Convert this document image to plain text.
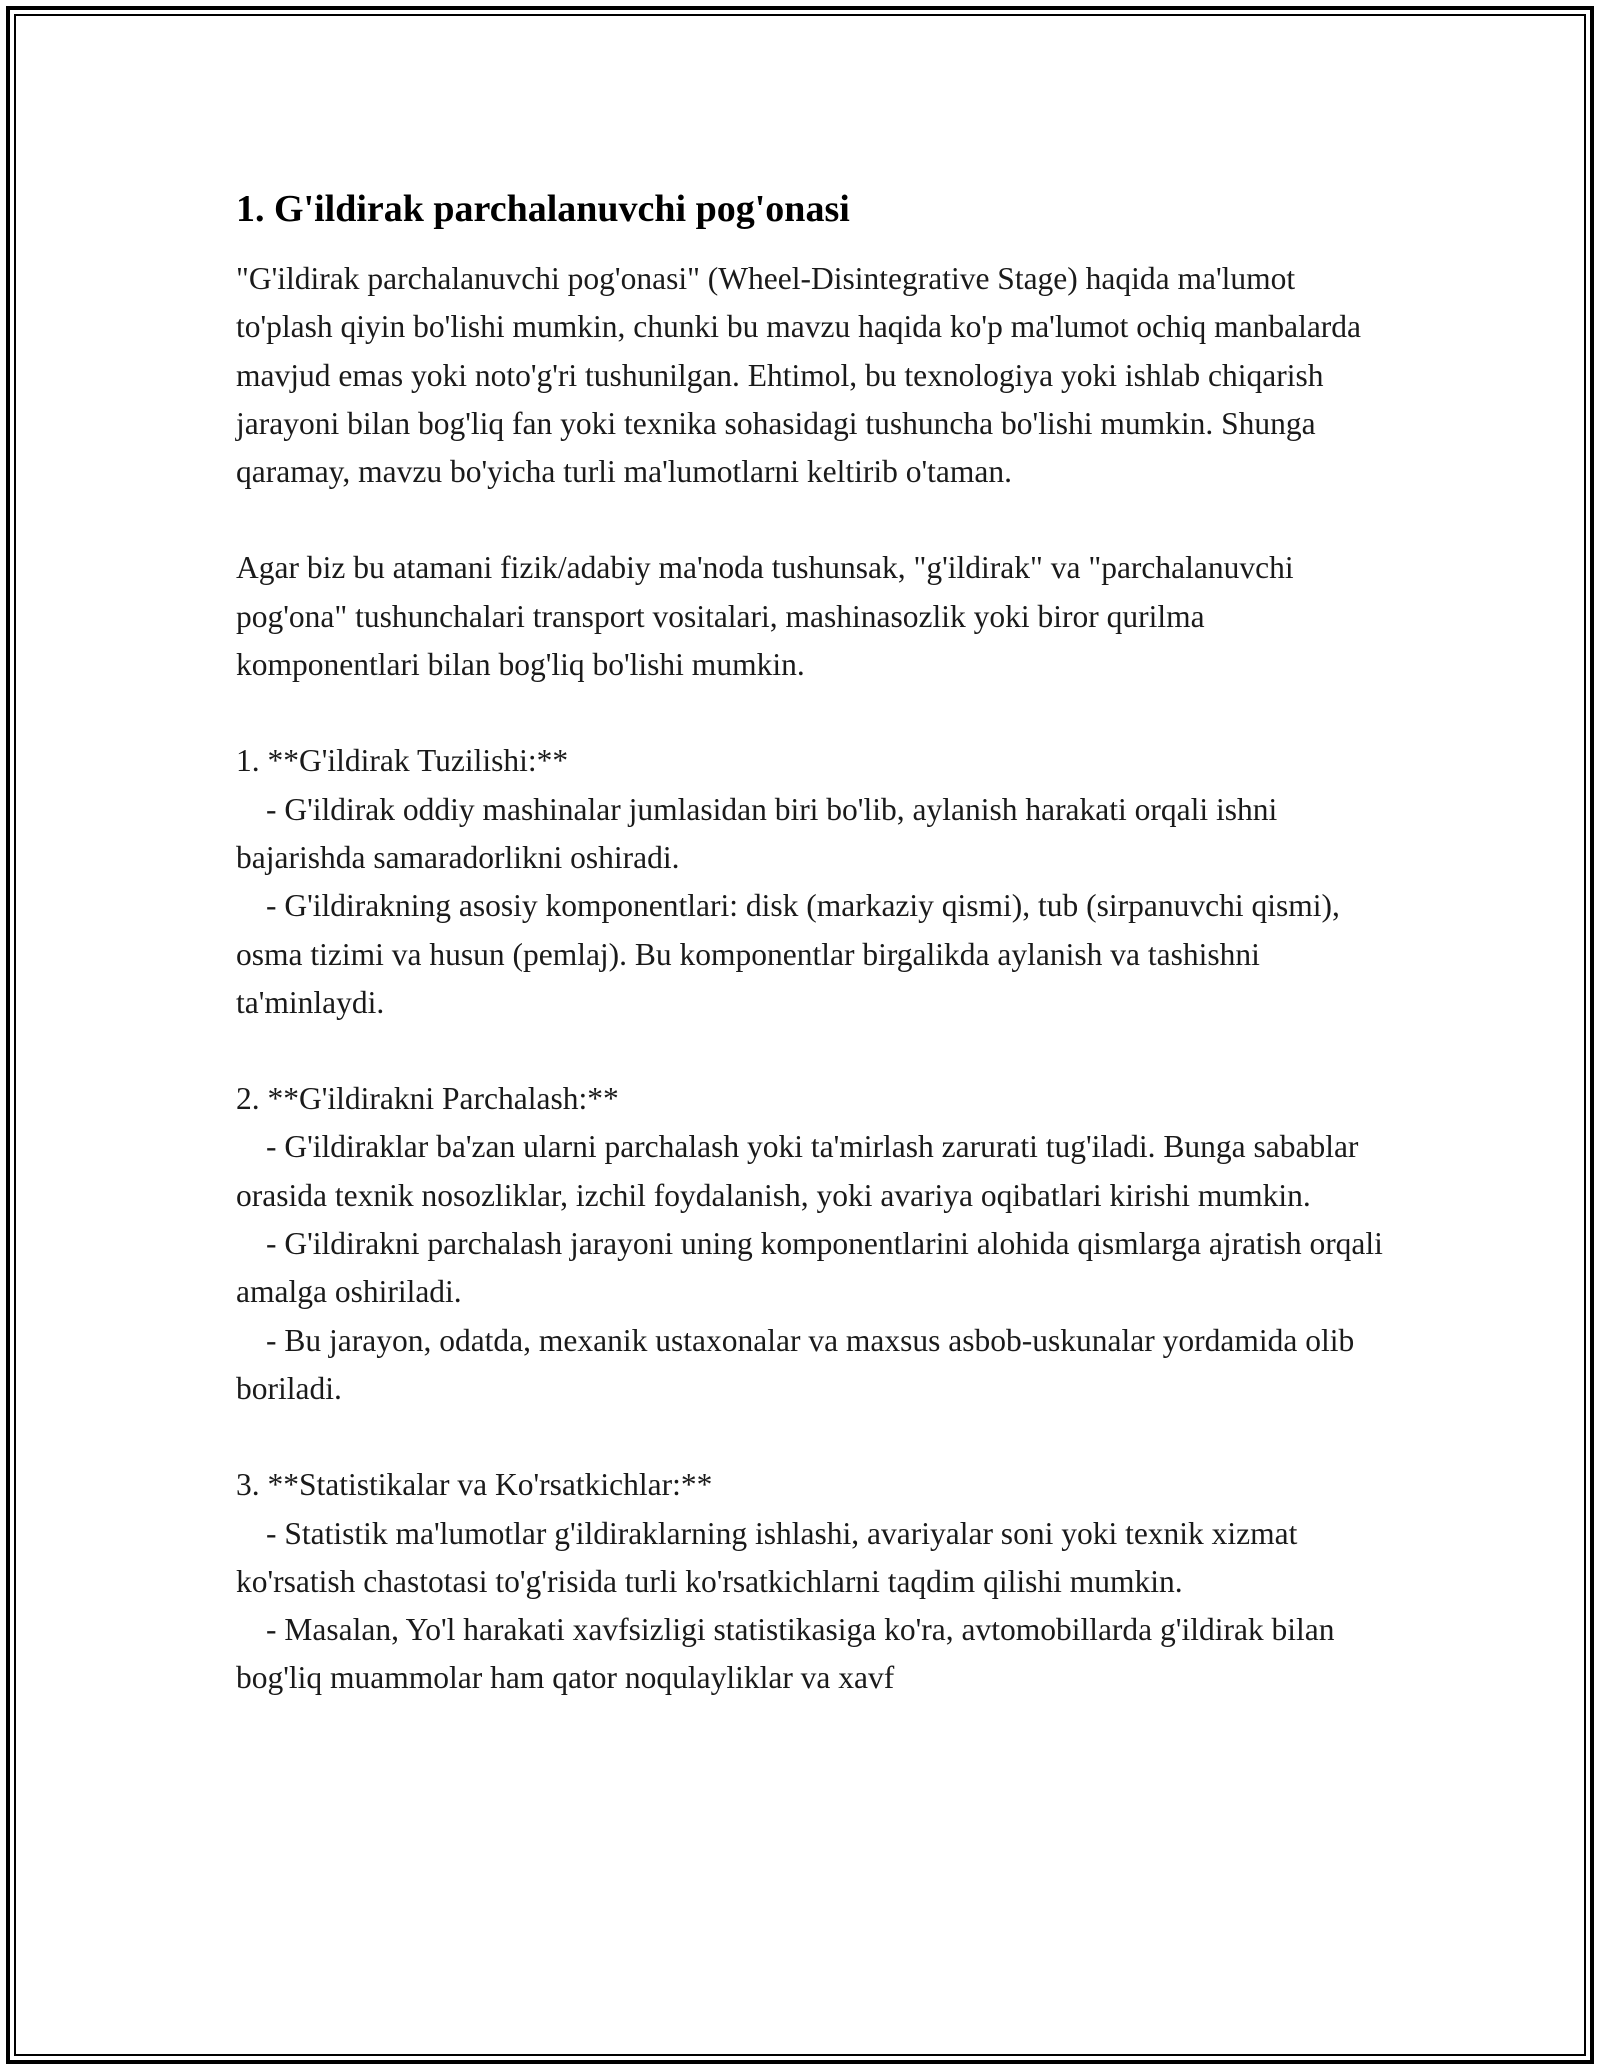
1. G'ildirak parchalanuvchi pog'onasi

"G'ildirak parchalanuvchi pog'onasi" (Wheel-Disintegrative Stage) haqida ma'lumot to'plash qiyin bo'lishi mumkin, chunki bu mavzu haqida ko'p ma'lumot ochiq manbalarda mavjud emas yoki noto'g'ri tushunilgan. Ehtimol, bu texnologiya yoki ishlab chiqarish jarayoni bilan bog'liq fan yoki texnika sohasidagi tushuncha bo'lishi mumkin. Shunga qaramay, mavzu bo'yicha turli ma'lumotlarni keltirib o'taman.

Agar biz bu atamani fizik/adabiy ma'noda tushunsak, "g'ildirak" va "parchalanuvchi pog'ona" tushunchalari transport vositalari, mashinasozlik yoki biror qurilma komponentlari bilan bog'liq bo'lishi mumkin.

1. **G'ildirak Tuzilishi:**
- G'ildirak oddiy mashinalar jumlasidan biri bo'lib, aylanish harakati orqali ishni bajarishda samaradorlikni oshiradi.
- G'ildirakning asosiy komponentlari: disk (markaziy qismi), tub (sirpanuvchi qismi), osma tizimi va husun (pemlaj). Bu komponentlar birgalikda aylanish va tashishni ta'minlaydi.
2. **G'ildirakni Parchalash:**
- G'ildiraklar ba'zan ularni parchalash yoki ta'mirlash zarurati tug'iladi. Bunga sabablar orasida texnik nosozliklar, izchil foydalanish, yoki avariya oqibatlari kirishi mumkin.
- G'ildirakni parchalash jarayoni uning komponentlarini alohida qismlarga ajratish orqali amalga oshiriladi.
- Bu jarayon, odatda, mexanik ustaxonalar va maxsus asbob-uskunalar yordamida olib boriladi.
3. **Statistikalar va Ko'rsatkichlar:**
- Statistik ma'lumotlar g'ildiraklarning ishlashi, avariyalar soni yoki texnik xizmat ko'rsatish chastotasi to'g'risida turli ko'rsatkichlarni taqdim qilishi mumkin.
- Masalan, Yo'l harakati xavfsizligi statistikasiga ko'ra, avtomobillarda g'ildirak bilan bog'liq muammolar ham qator noqulayliklar va xavf
